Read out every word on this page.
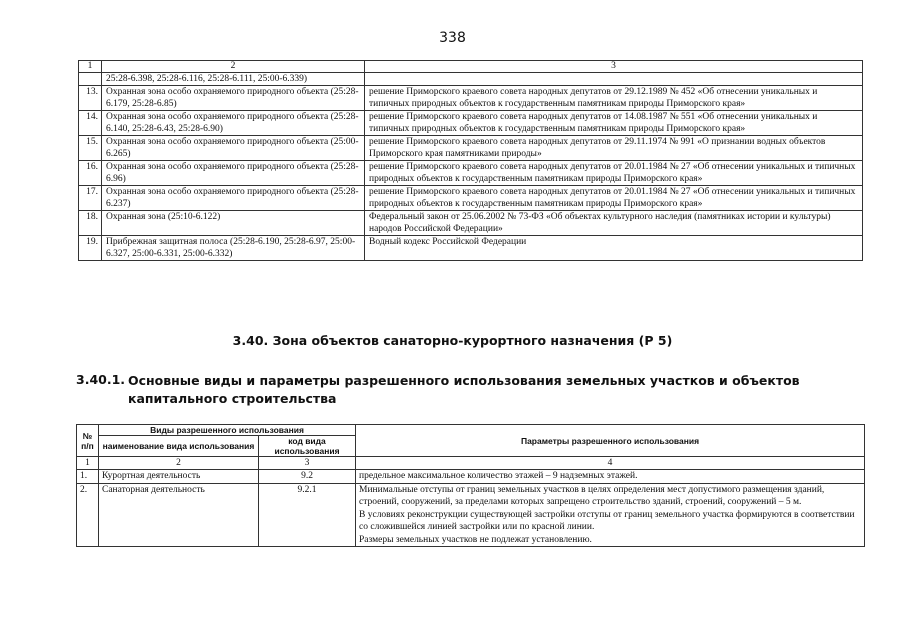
338
1	2	3
	25:28-6.398, 25:28-6.116, 25:28-6.111, 25:00-6.339)	
13.	Охранная зона особо охраняемого природного объекта (25:28-6.179, 25:28-6.85)	решение Приморского краевого совета народных депутатов от 29.12.1989 № 452 «Об отнесении уникальных и типичных природных объектов к государственным памятникам природы Приморского края»
14.	Охранная зона особо охраняемого природного объекта (25:28-6.140, 25:28-6.43, 25:28-6.90)	решение Приморского краевого совета народных депутатов от 14.08.1987 № 551 «Об отнесении уникальных и типичных природных объектов к государственным памятникам природы Приморского края»
15.	Охранная зона особо охраняемого природного объекта (25:00-6.265)	решение Приморского краевого совета народных депутатов от 29.11.1974 № 991 «О признании водных объектов Приморского края памятниками природы»
16.	Охранная зона особо охраняемого природного объекта (25:28-6.96)	решение Приморского краевого совета народных депутатов от 20.01.1984 № 27 «Об отнесении уникальных и типичных природных объектов к государственным памятникам природы Приморского края»
17.	Охранная зона особо охраняемого природного объекта (25:28-6.237)	решение Приморского краевого совета народных депутатов от 20.01.1984 № 27 «Об отнесении уникальных и типичных природных объектов к государственным памятникам природы Приморского края»
18.	Охранная зона (25:10-6.122)	Федеральный закон от 25.06.2002 № 73-ФЗ «Об объектах культурного наследия (памятниках истории и культуры) народов Российской Федерации»
19.	Прибрежная защитная полоса (25:28-6.190, 25:28-6.97, 25:00-6.327, 25:00-6.331, 25:00-6.332)	Водный кодекс Российской Федерации
3.40. Зона объектов санаторно-курортного назначения (Р 5)
3.40.1. Основные виды и параметры разрешенного использования земельных участков и объектов капитального строительства
№ п/п	Виды разрешенного использования		Параметры разрешенного использования
	наименование вида использования	код вида использования	
1	2	3	4
1.	Курортная деятельность	9.2	предельное максимальное количество этажей – 9 надземных этажей.

2.	Санаторная деятельность	9.2.1	Минимальные отступы от границ земельных участков в целях определения мест допустимого размещения зданий, строений, сооружений, за пределами которых запрещено строительство зданий, строений, сооружений – 5 м.
В условиях реконструкции существующей застройки отступы от границ земельного участка формируются в соответствии со сложившейся линией застройки или по красной линии.
Размеры земельных участков не подлежат установлению.
